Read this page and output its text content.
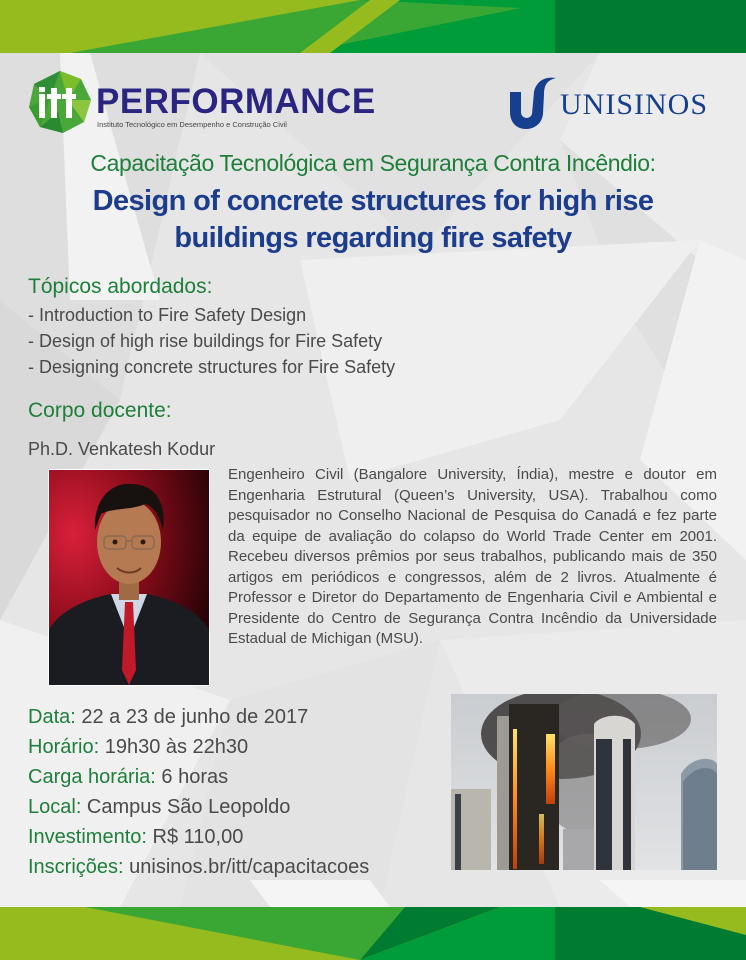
PERFORMANCE
Instituto Tecnológico em Desempenho e Construção Civil
UNISINOS
Capacitação Tecnológica em Segurança Contra Incêndio:
Design of concrete structures for high rise
buildings regarding fire safety
Tópicos abordados:
- Introduction to Fire Safety Design
- Design of high rise buildings for Fire Safety
- Designing concrete structures for Fire Safety
Corpo docente:
Ph.D. Venkatesh Kodur
Engenheiro Civil (Bangalore University, Índia), mestre e doutor em Engenharia Estrutural (Queen’s University, USA). Trabalhou como pesquisador no Conselho Nacional de Pesquisa do Canadá e fez parte da equipe de avaliação do colapso do World Trade Center em 2001. Recebeu diversos prêmios por seus trabalhos, publicando mais de 350 artigos em periódicos e congressos, além de 2 livros. Atualmente é Professor e Diretor do Departamento de Engenharia Civil e Ambiental e Presidente do Centro de Segurança Contra Incêndio da Universidade Estadual de Michigan (MSU).
Data: 22 a 23 de junho de 2017
Horário: 19h30 às 22h30
Carga horária: 6 horas
Local: Campus São Leopoldo
Investimento: R$ 110,00
Inscrições: unisinos.br/itt/capacitacoes
